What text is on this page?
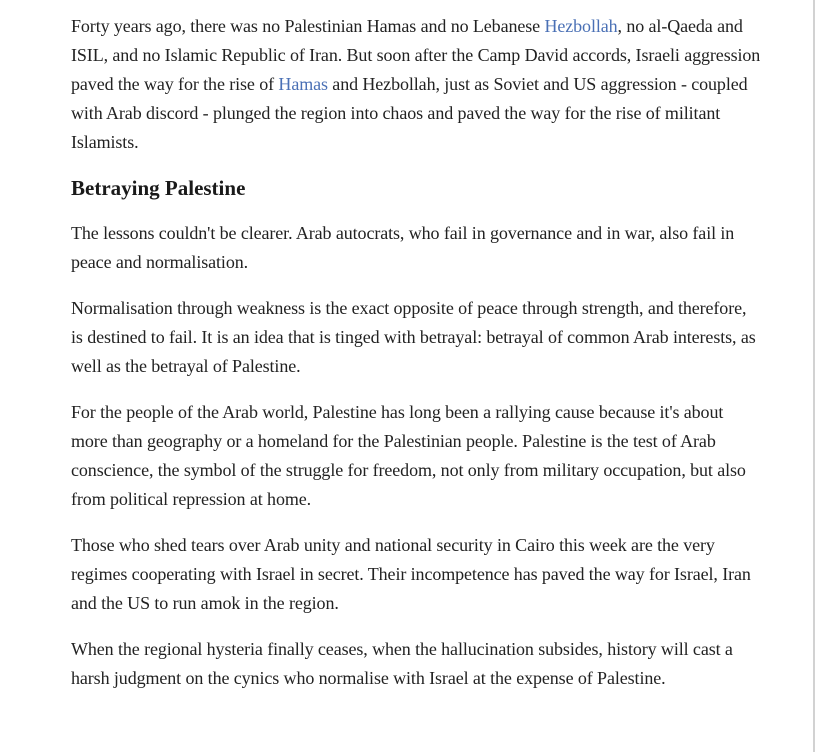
Forty years ago, there was no Palestinian Hamas and no Lebanese Hezbollah, no al-Qaeda and ISIL, and no Islamic Republic of Iran. But soon after the Camp David accords, Israeli aggression paved the way for the rise of Hamas and Hezbollah, just as Soviet and US aggression - coupled with Arab discord - plunged the region into chaos and paved the way for the rise of militant Islamists.

Betraying Palestine

The lessons couldn't be clearer. Arab autocrats, who fail in governance and in war, also fail in peace and normalisation.

Normalisation through weakness is the exact opposite of peace through strength, and therefore, is destined to fail. It is an idea that is tinged with betrayal: betrayal of common Arab interests, as well as the betrayal of Palestine.

For the people of the Arab world, Palestine has long been a rallying cause because it's about more than geography or a homeland for the Palestinian people. Palestine is the test of Arab conscience, the symbol of the struggle for freedom, not only from military occupation, but also from political repression at home.

Those who shed tears over Arab unity and national security in Cairo this week are the very regimes cooperating with Israel in secret. Their incompetence has paved the way for Israel, Iran and the US to run amok in the region.

When the regional hysteria finally ceases, when the hallucination subsides, history will cast a harsh judgment on the cynics who normalise with Israel at the expense of Palestine.
